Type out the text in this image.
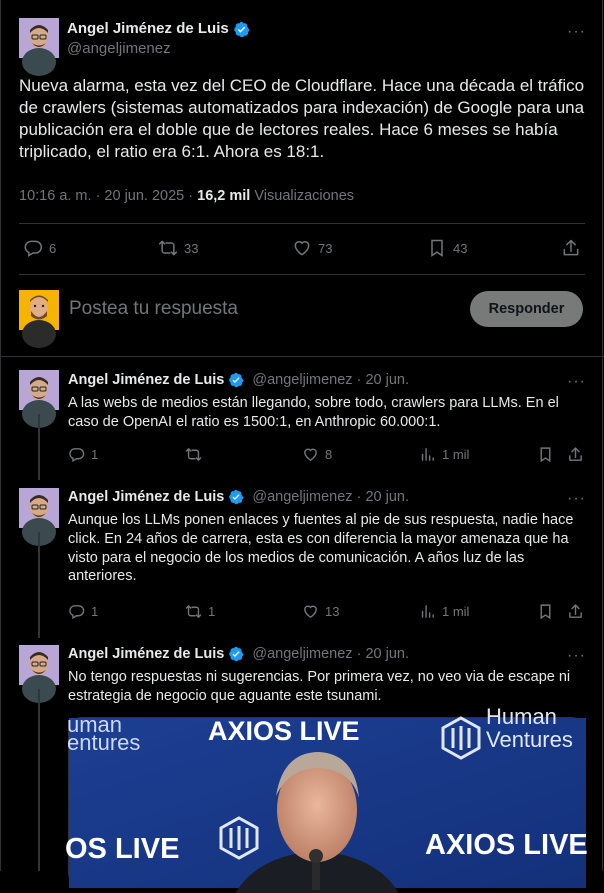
Angel Jiménez de Luis
@angeljimenez
···
Nueva alarma, esta vez del CEO de Cloudflare. Hace una década el tráfico de crawlers (sistemas automatizados para indexación) de Google para una publicación era el doble que de lectores reales. Hace 6 meses se había triplicado, el ratio era 6:1. Ahora es 18:1.
10:16 a. m. · 20 jun. 2025 · 16,2 mil Visualizaciones
6	33	73	43
Postea tu respuesta	Responder
Angel Jiménez de Luis @angeljimenez · 20 jun.	···
A las webs de medios están llegando, sobre todo, crawlers para LLMs. En el caso de OpenAI el ratio es 1500:1, en Anthropic 60.000:1.
1	8	1 mil
Angel Jiménez de Luis @angeljimenez · 20 jun.	···
Aunque los LLMs ponen enlaces y fuentes al pie de sus respuesta, nadie hace click. En 24 años de carrera, esta es con diferencia la mayor amenaza que ha visto para el negocio de los medios de comunicación. A años luz de las anteriores.
1	1	13	1 mil
Angel Jiménez de Luis @angeljimenez · 20 jun.	···
No tengo respuestas ni sugerencias. Por primera vez, no veo via de escape ni estrategia de negocio que aguante este tsunami.
uman
entures	AXIOS LIVE	Human
Ventures
OS LIVE	AXIOS LIVE
